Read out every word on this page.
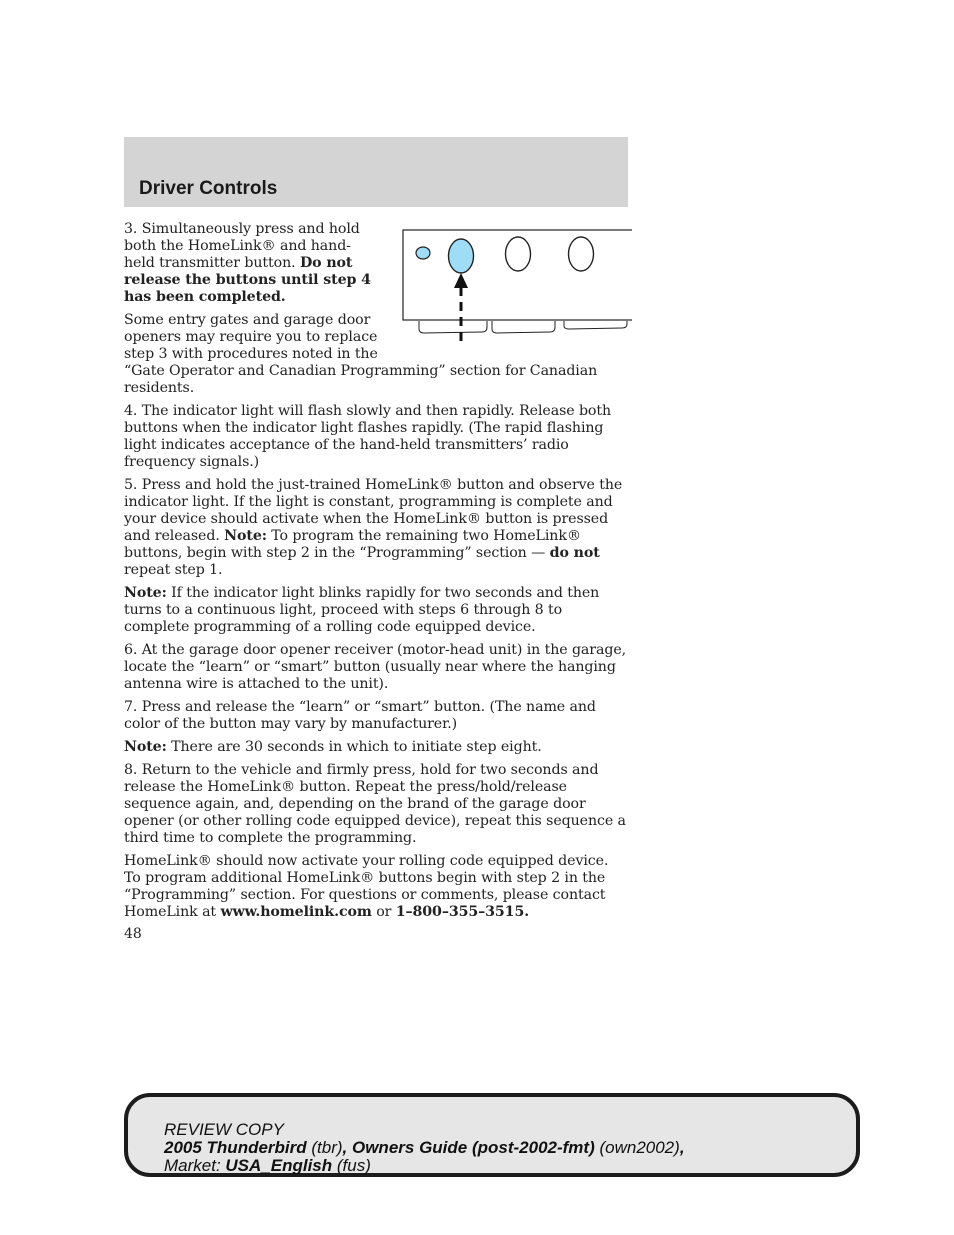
Driver Controls

3. Simultaneously press and hold both the HomeLink® and hand-held transmitter button. Do not release the buttons until step 4 has been completed.

Some entry gates and garage door openers may require you to replace step 3 with procedures noted in the “Gate Operator and Canadian Programming” section for Canadian residents.

4. The indicator light will flash slowly and then rapidly. Release both buttons when the indicator light flashes rapidly. (The rapid flashing light indicates acceptance of the hand-held transmitters’ radio frequency signals.)

5. Press and hold the just-trained HomeLink® button and observe the indicator light. If the light is constant, programming is complete and your device should activate when the HomeLink® button is pressed and released. Note: To program the remaining two HomeLink® buttons, begin with step 2 in the “Programming” section — do not repeat step 1.

Note: If the indicator light blinks rapidly for two seconds and then turns to a continuous light, proceed with steps 6 through 8 to complete programming of a rolling code equipped device.

6. At the garage door opener receiver (motor-head unit) in the garage, locate the “learn” or “smart” button (usually near where the hanging antenna wire is attached to the unit).

7. Press and release the “learn” or “smart” button. (The name and color of the button may vary by manufacturer.)

Note: There are 30 seconds in which to initiate step eight.

8. Return to the vehicle and firmly press, hold for two seconds and release the HomeLink® button. Repeat the press/hold/release sequence again, and, depending on the brand of the garage door opener (or other rolling code equipped device), repeat this sequence a third time to complete the programming.

HomeLink® should now activate your rolling code equipped device. To program additional HomeLink® buttons begin with step 2 in the “Programming” section. For questions or comments, please contact HomeLink at www.homelink.com or 1–800–355–3515.

48
REVIEW COPY
2005 Thunderbird (tbr), Owners Guide (post-2002-fmt) (own2002),
Market: USA_English (fus)
